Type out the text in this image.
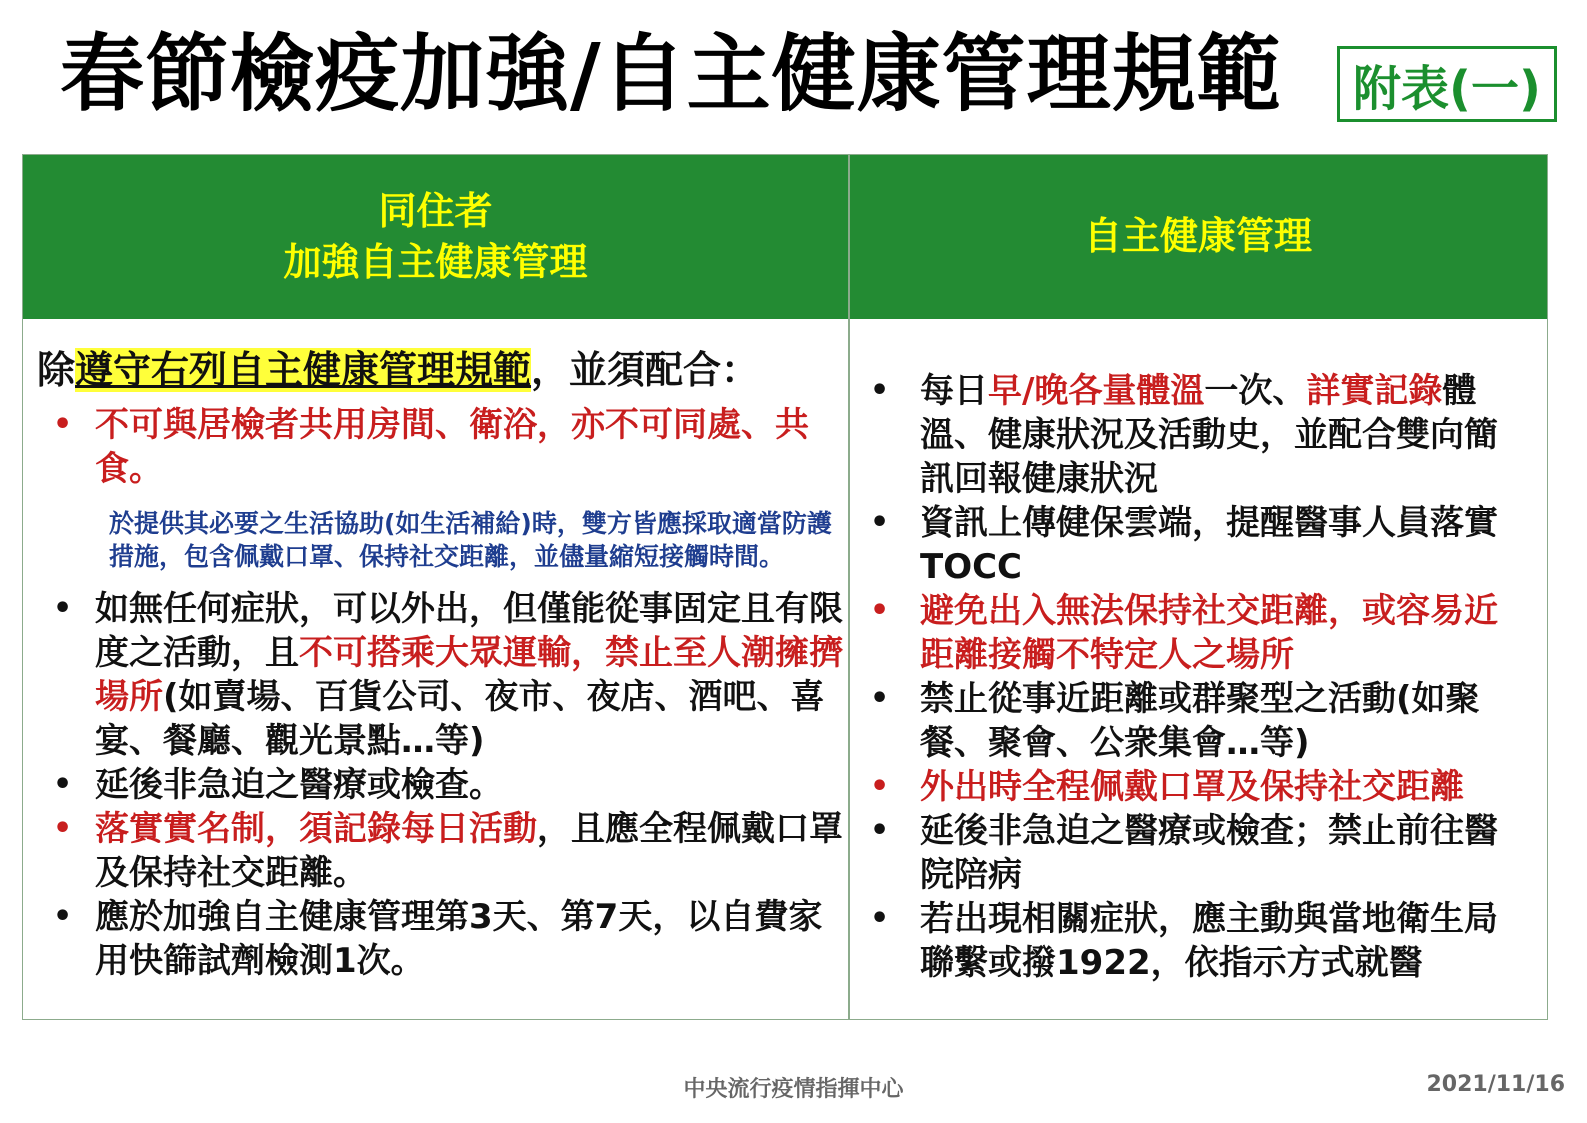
春節檢疫加強/自主健康管理規範	附表(一)
同住者
加強自主健康管理
自主健康管理
除遵守右列自主健康管理規範，並須配合：
• 不可與居檢者共用房間、衛浴，亦不可同處、共食。
於提供其必要之生活協助(如生活補給)時，雙方皆應採取適當防護措施，包含佩戴口罩、保持社交距離，並儘量縮短接觸時間。
• 如無任何症狀，可以外出，但僅能從事固定且有限度之活動，且不可搭乘大眾運輸，禁止至人潮擁擠場所(如賣場、百貨公司、夜市、夜店、酒吧、喜宴、餐廳、觀光景點…等)
• 延後非急迫之醫療或檢查。
• 落實實名制，須記錄每日活動，且應全程佩戴口罩及保持社交距離。
• 應於加強自主健康管理第3天、第7天，以自費家用快篩試劑檢測1次。
• 每日早/晚各量體溫一次、詳實記錄體溫、健康狀況及活動史，並配合雙向簡訊回報健康狀況
• 資訊上傳健保雲端，提醒醫事人員落實TOCC
• 避免出入無法保持社交距離，或容易近距離接觸不特定人之場所
• 禁止從事近距離或群聚型之活動(如聚餐、聚會、公衆集會…等)
• 外出時全程佩戴口罩及保持社交距離
• 延後非急迫之醫療或檢查；禁止前往醫院陪病
• 若出現相關症狀，應主動與當地衛生局聯繫或撥1922，依指示方式就醫
中央流行疫情指揮中心	2021/11/16
